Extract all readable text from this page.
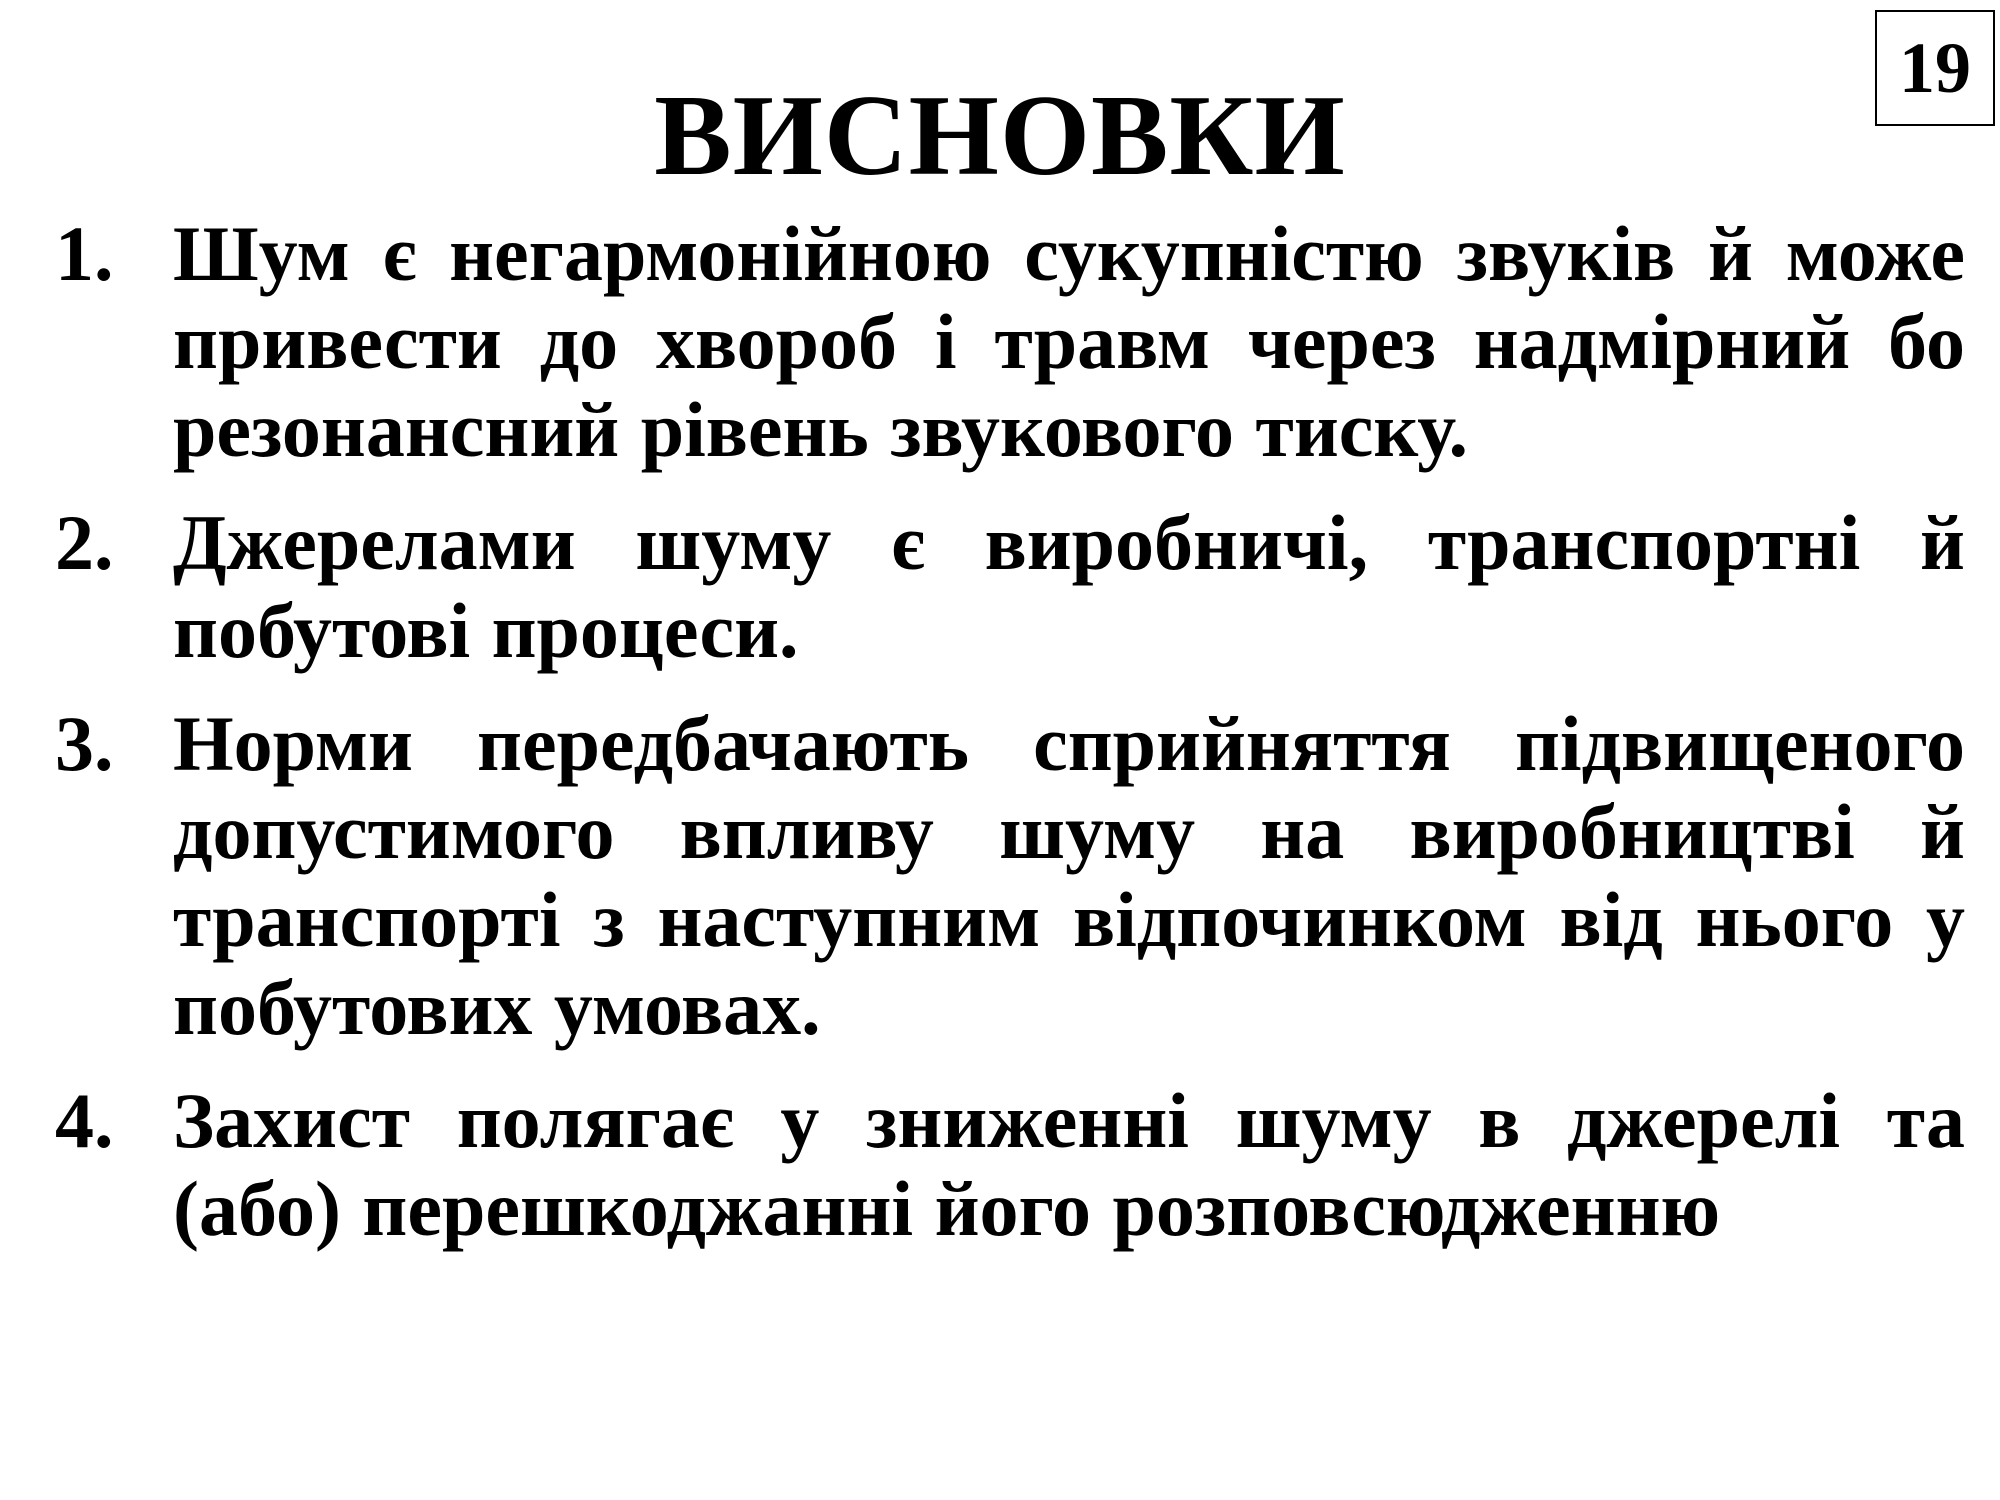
19
ВИСНОВКИ
1. Шум є негармонійною сукупністю звуків й може привести до хвороб і травм через надмірний бо резонансний рівень звукового тиску.
2. Джерелами шуму є виробничі, транспортні й побутові процеси.
3. Норми передбачають сприйняття підвищеного допустимого впливу шуму на виробництві й транспорті з наступним відпочинком від нього у побутових умовах.
4. Захист полягає у зниженні шуму в джерелі та (або) перешкоджанні його розповсюдженню
